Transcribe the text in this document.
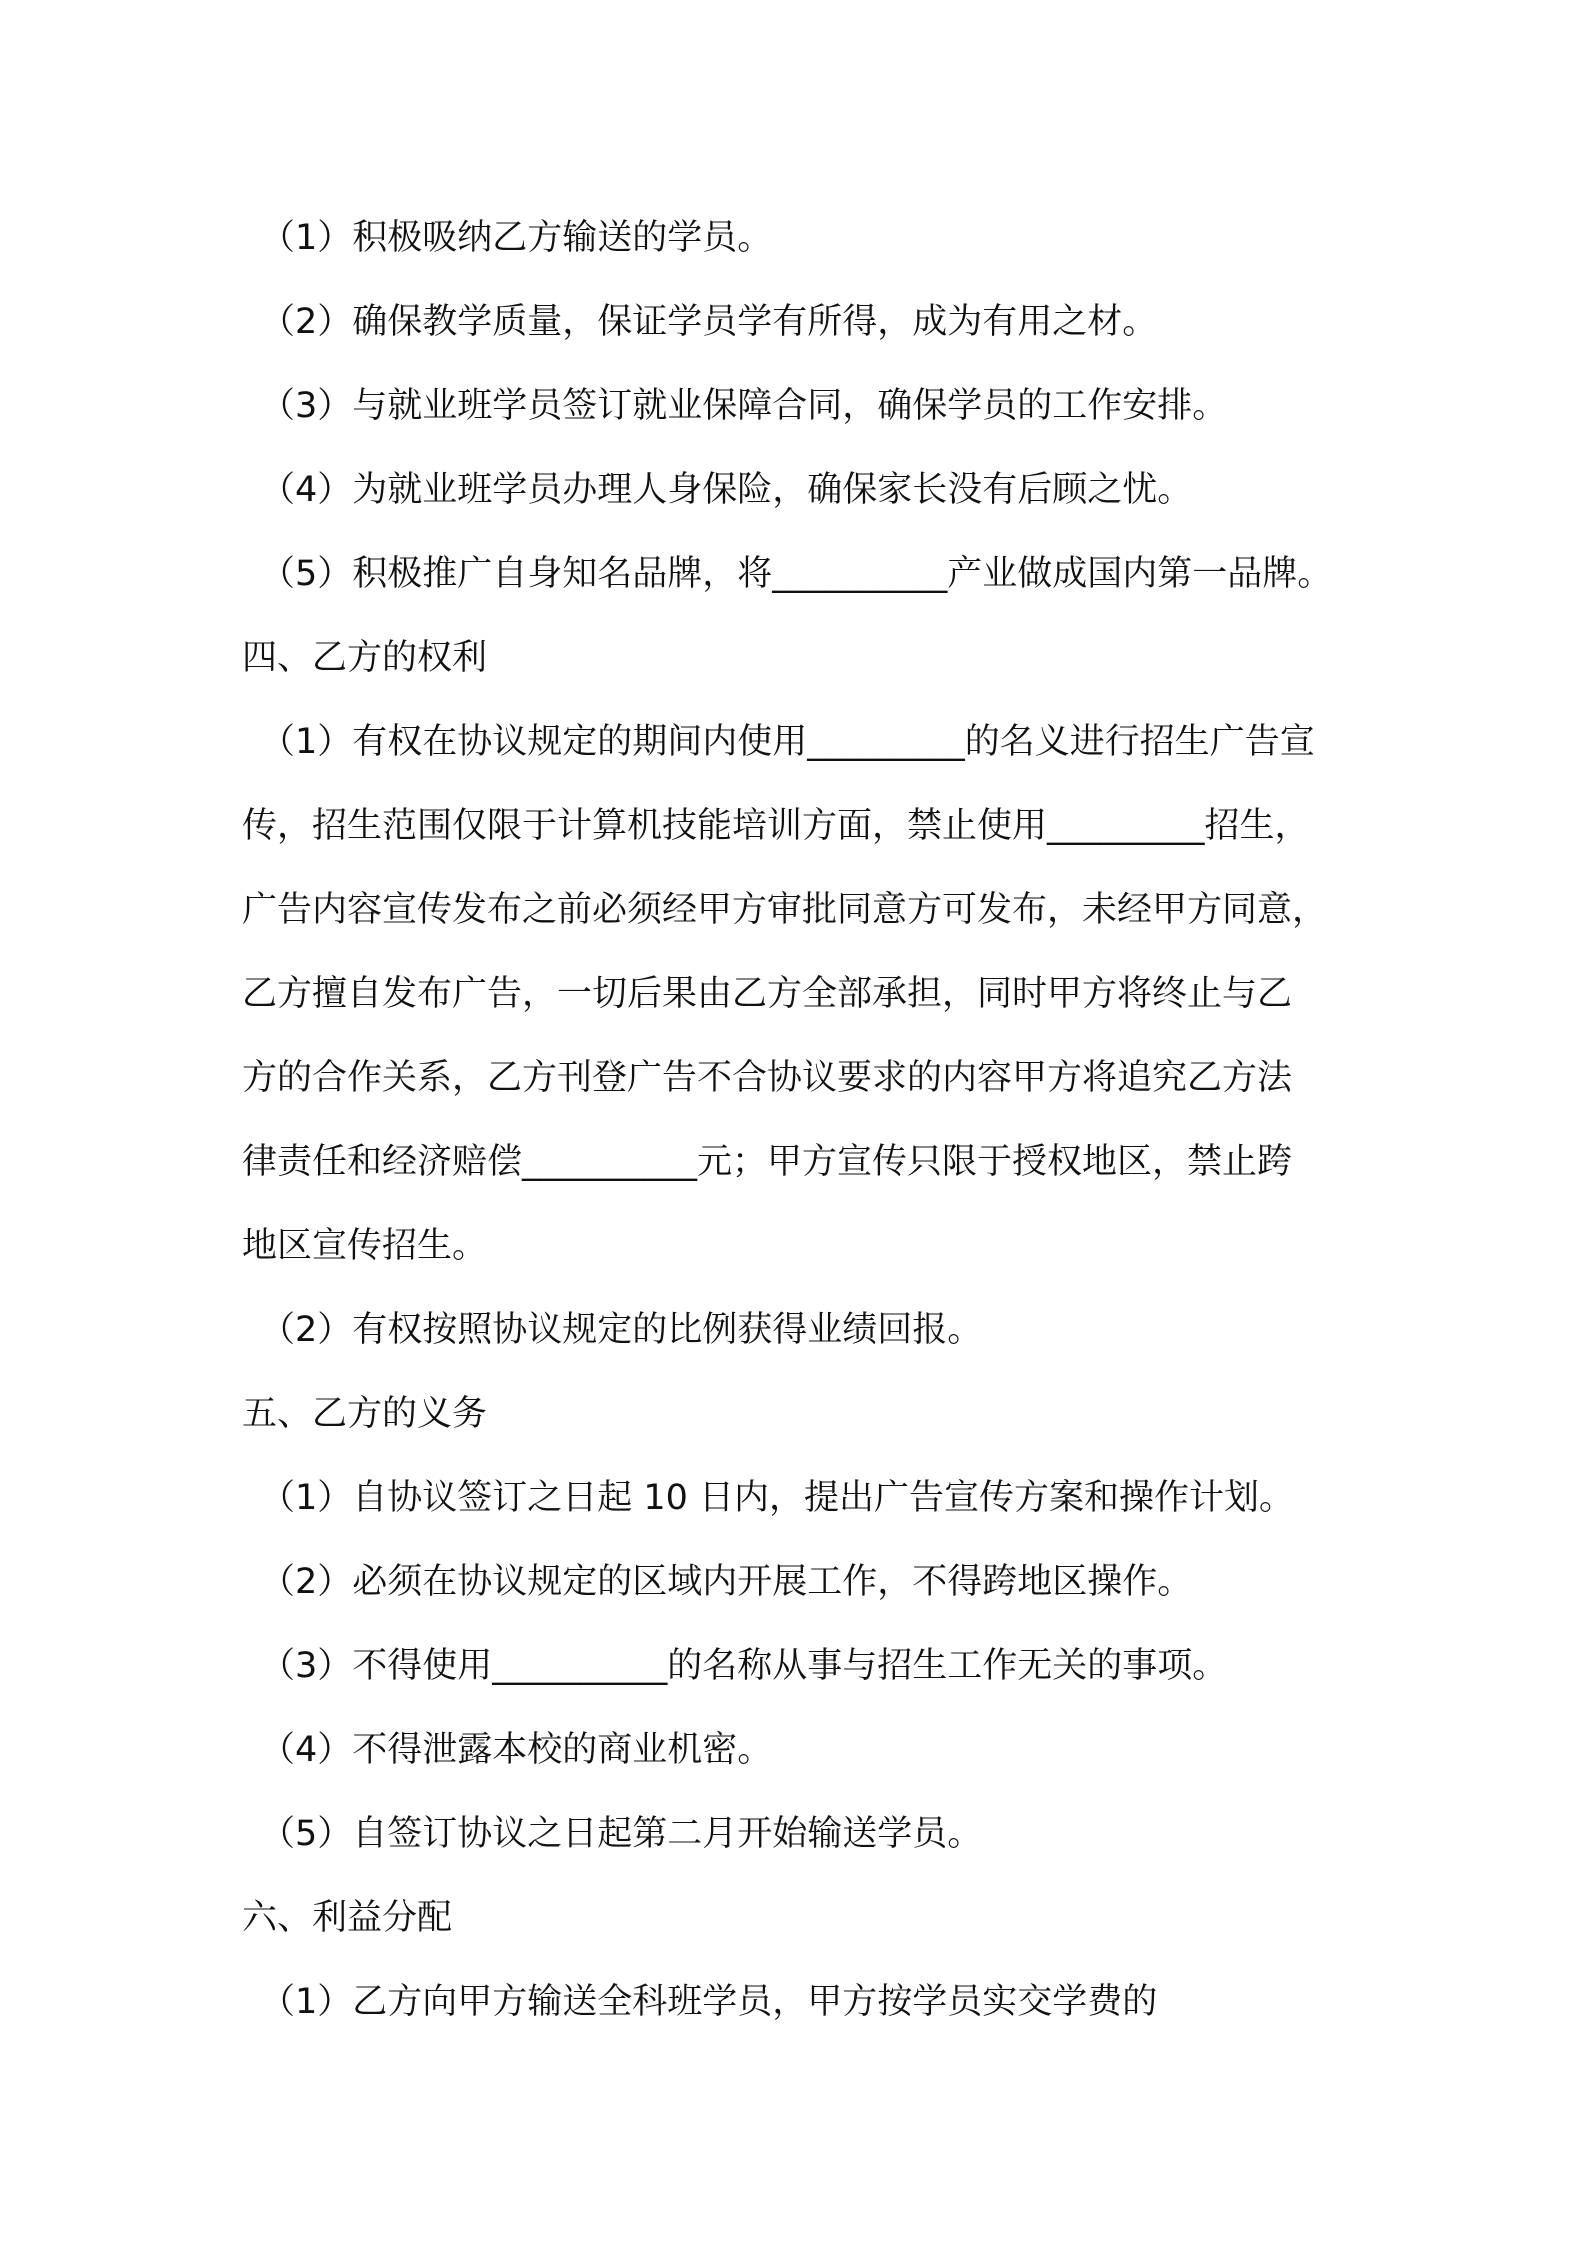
（1）积极吸纳乙方输送的学员。
（2）确保教学质量，保证学员学有所得，成为有用之材。
（3）与就业班学员签订就业保障合同，确保学员的工作安排。
（4）为就业班学员办理人身保险，确保家长没有后顾之忧。
（5）积极推广自身知名品牌，将__________产业做成国内第一品牌。
四、乙方的权利
（1）有权在协议规定的期间内使用_________的名义进行招生广告宣
传，招生范围仅限于计算机技能培训方面，禁止使用_________招生，
广告内容宣传发布之前必须经甲方审批同意方可发布，未经甲方同意，
乙方擅自发布广告，一切后果由乙方全部承担，同时甲方将终止与乙
方的合作关系，乙方刊登广告不合协议要求的内容甲方将追究乙方法
律责任和经济赔偿__________元；甲方宣传只限于授权地区，禁止跨
地区宣传招生。
（2）有权按照协议规定的比例获得业绩回报。
五、乙方的义务
（1）自协议签订之日起 10 日内，提出广告宣传方案和操作计划。
（2）必须在协议规定的区域内开展工作，不得跨地区操作。
（3）不得使用__________的名称从事与招生工作无关的事项。
（4）不得泄露本校的商业机密。
（5）自签订协议之日起第二月开始输送学员。
六、利益分配
（1）乙方向甲方输送全科班学员，甲方按学员实交学费的
